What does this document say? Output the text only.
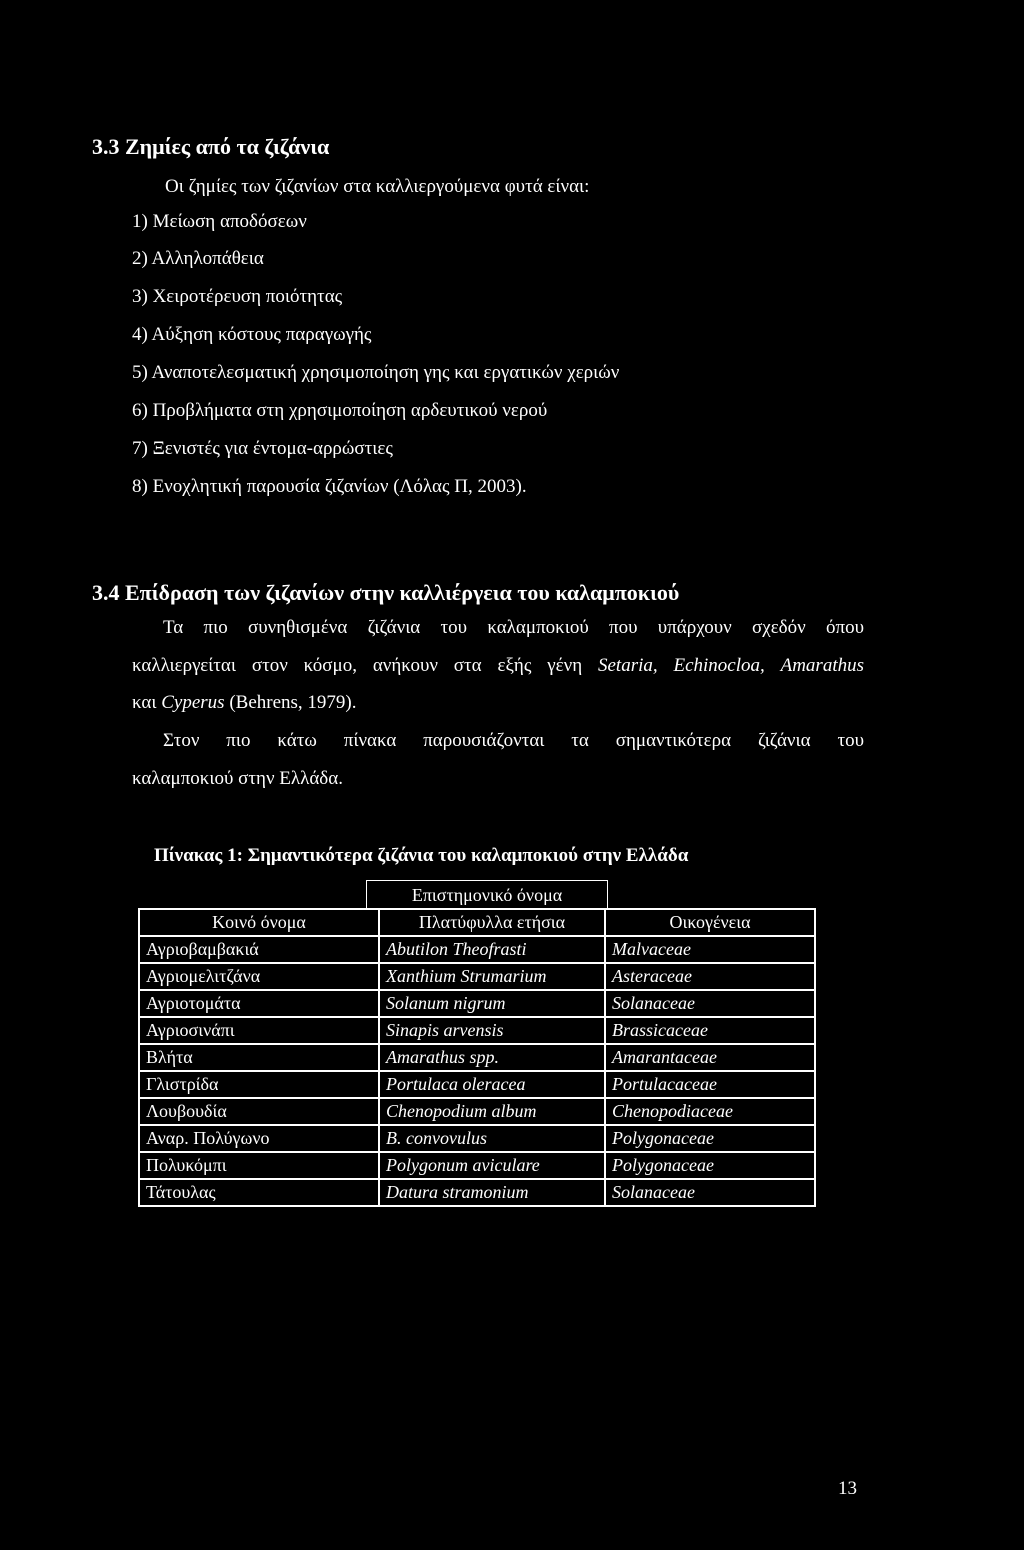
3.3 Ζημίες από τα ζιζάνια
Οι ζημίες των ζιζανίων στα καλλιεργούμενα φυτά είναι:
1) Μείωση αποδόσεων
2) Αλληλοπάθεια
3) Χειροτέρευση ποιότητας
4) Αύξηση κόστους παραγωγής
5) Αναποτελεσματική χρησιμοποίηση γης και εργατικών χεριών
6) Προβλήματα στη χρησιμοποίηση αρδευτικού νερού
7) Ξενιστές για έντομα-αρρώστιες
8) Ενοχλητική παρουσία ζιζανίων (Λόλας Π, 2003).
3.4 Επίδραση των ζιζανίων στην καλλιέργεια του καλαμποκιού
Τα πιο συνηθισμένα ζιζάνια του καλαμποκιού που υπάρχουν σχεδόν όπου
καλλιεργείται στον κόσμο, ανήκουν στα εξής γένη Setaria, Echinocloa, Amarathus
και Cyperus (Behrens, 1979).
Στον πιο κάτω πίνακα παρουσιάζονται τα σημαντικότερα ζιζάνια του
καλαμποκιού στην Ελλάδα.
Πίνακας 1: Σημαντικότερα ζιζάνια του καλαμποκιού στην Ελλάδα
Επιστημονικό όνομα
Κοινό όνομα	Πλατύφυλλα ετήσια	Οικογένεια
Αγριοβαμβακιά	Abutilon Theofrasti	Malvaceae
Αγριομελιτζάνα	Xanthium Strumarium	Asteraceae
Αγριοτομάτα	Solanum nigrum	Solanaceae
Αγριοσινάπι	Sinapis arvensis	Brassicaceae
Βλήτα	Amarathus spp.	Amarantaceae
Γλιστρίδα	Portulaca oleracea	Portulacaceae
Λουβουδία	Chenopodium album	Chenopodiaceae
Αναρ. Πολύγωνο	B. convovulus	Polygonaceae
Πολυκόμπι	Polygonum aviculare	Polygonaceae
Τάτουλας	Datura stramonium	Solanaceae
13
